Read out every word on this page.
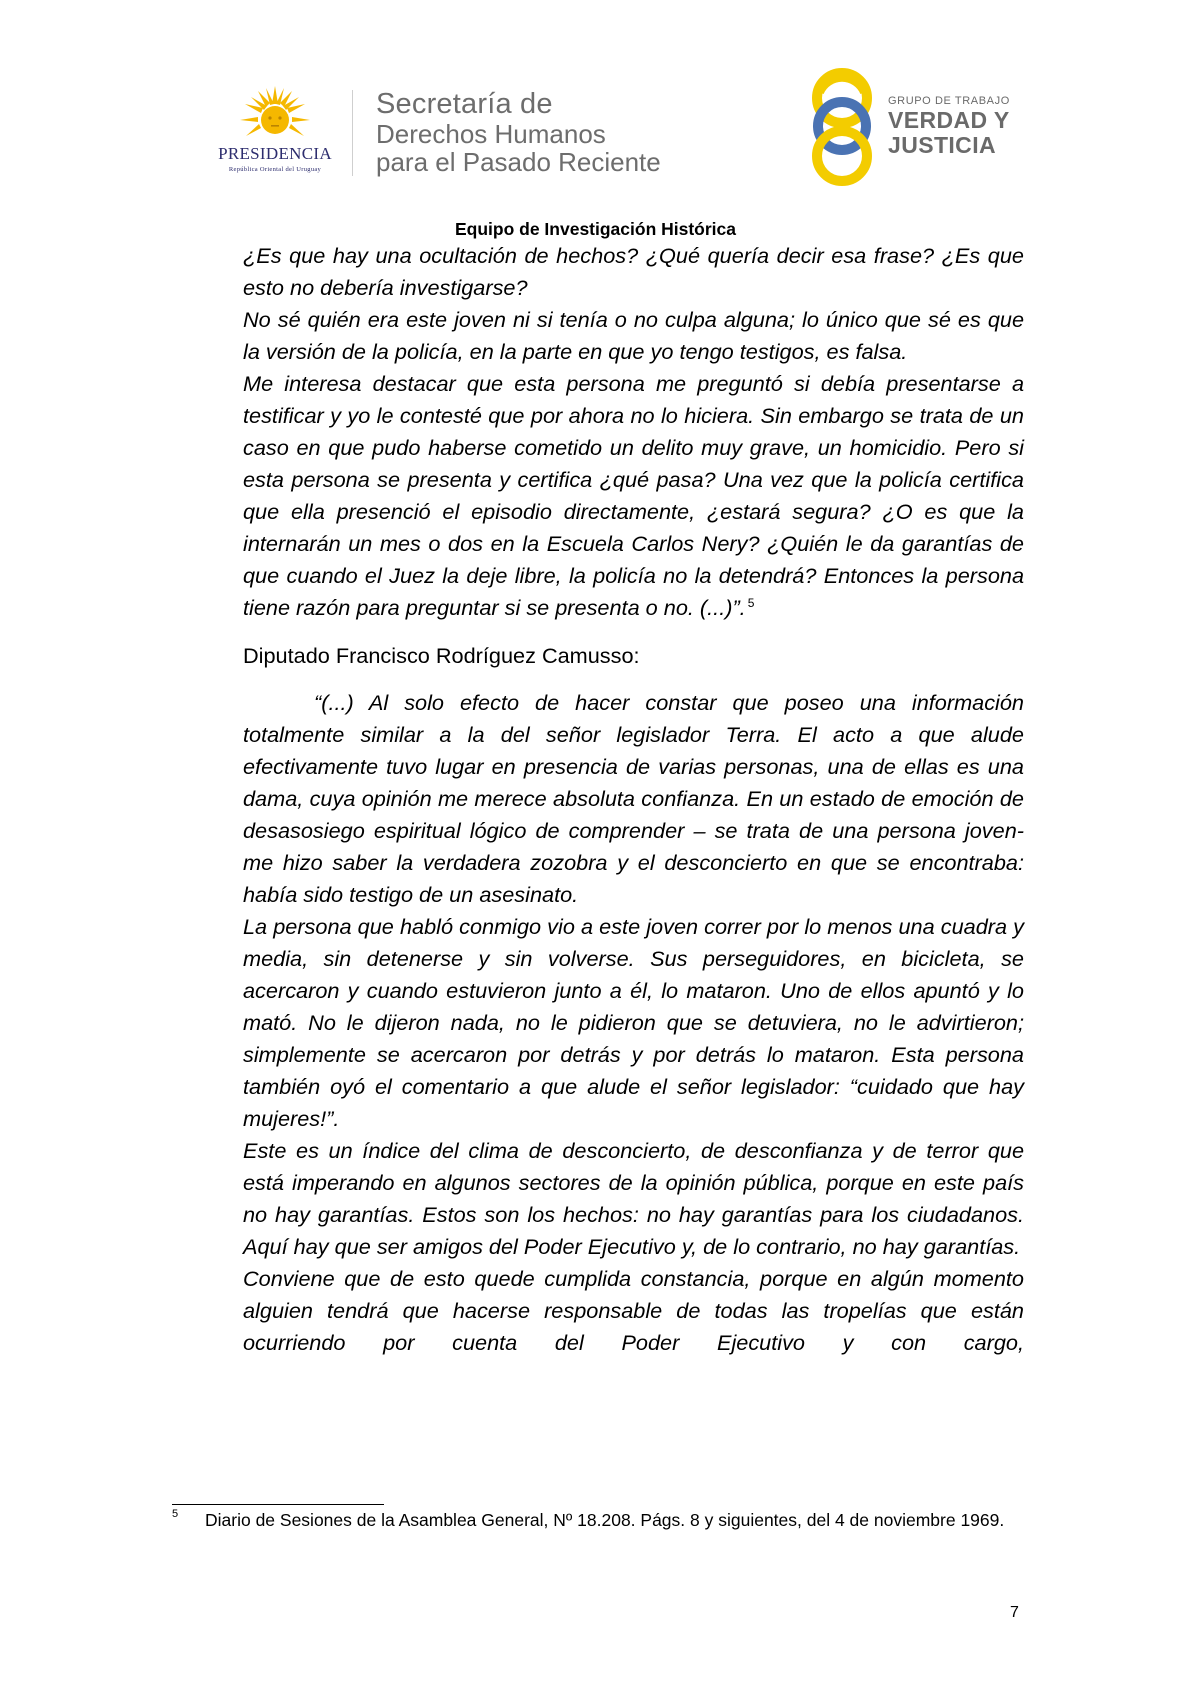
PRESIDENCIA
República Oriental del Uruguay
Secretaría de
Derechos Humanos
para el Pasado Reciente
GRUPO DE TRABAJO
VERDAD Y
JUSTICIA
Equipo de Investigación Histórica

¿Es que hay una ocultación de hechos? ¿Qué quería decir esa frase? ¿Es que esto no debería investigarse?

No sé quién era este joven ni si tenía o no culpa alguna; lo único que sé es que la versión de la policía, en la parte en que yo tengo testigos, es falsa.

Me interesa destacar que esta persona me preguntó si debía presentarse a testificar y yo le contesté que por ahora no lo hiciera. Sin embargo se trata de un caso en que pudo haberse cometido un delito muy grave, un homicidio. Pero si esta persona se presenta y certifica ¿qué pasa? Una vez que la policía certifica que ella presenció el episodio directamente, ¿estará segura? ¿O es que la internarán un mes o dos en la Escuela Carlos Nery? ¿Quién le da garantías de que cuando el Juez la deje libre, la policía no la detendrá? Entonces la persona tiene razón para preguntar si se presenta o no. (...)”. $^5$

Diputado Francisco Rodríguez Camusso:

“(...) Al solo efecto de hacer constar que poseo una información totalmente similar a la del señor legislador Terra. El acto a que alude efectivamente tuvo lugar en presencia de varias personas, una de ellas es una dama, cuya opinión me merece absoluta confianza. En un estado de emoción de desasosiego espiritual lógico de comprender – se trata de una persona joven- me hizo saber la verdadera zozobra y el desconcierto en que se encontraba: había sido testigo de un asesinato.

La persona que habló conmigo vio a este joven correr por lo menos una cuadra y media, sin detenerse y sin volverse. Sus perseguidores, en bicicleta, se acercaron y cuando estuvieron junto a él, lo mataron. Uno de ellos apuntó y lo mató. No le dijeron nada, no le pidieron que se detuviera, no le advirtieron; simplemente se acercaron por detrás y por detrás lo mataron. Esta persona también oyó el comentario a que alude el señor legislador: “cuidado que hay mujeres!”.

Este es un índice del clima de desconcierto, de desconfianza y de terror que está imperando en algunos sectores de la opinión pública, porque en este país no hay garantías. Estos son los hechos: no hay garantías para los ciudadanos. Aquí hay que ser amigos del Poder Ejecutivo y, de lo contrario, no hay garantías.

Conviene que de esto quede cumplida constancia, porque en algún momento alguien tendrá que hacerse responsable de todas las tropelías que están ocurriendo por cuenta del Poder Ejecutivo y con cargo,

5	Diario de Sesiones de la Asamblea General, Nº 18.208. Págs. 8 y siguientes, del 4 de noviembre 1969.
7
